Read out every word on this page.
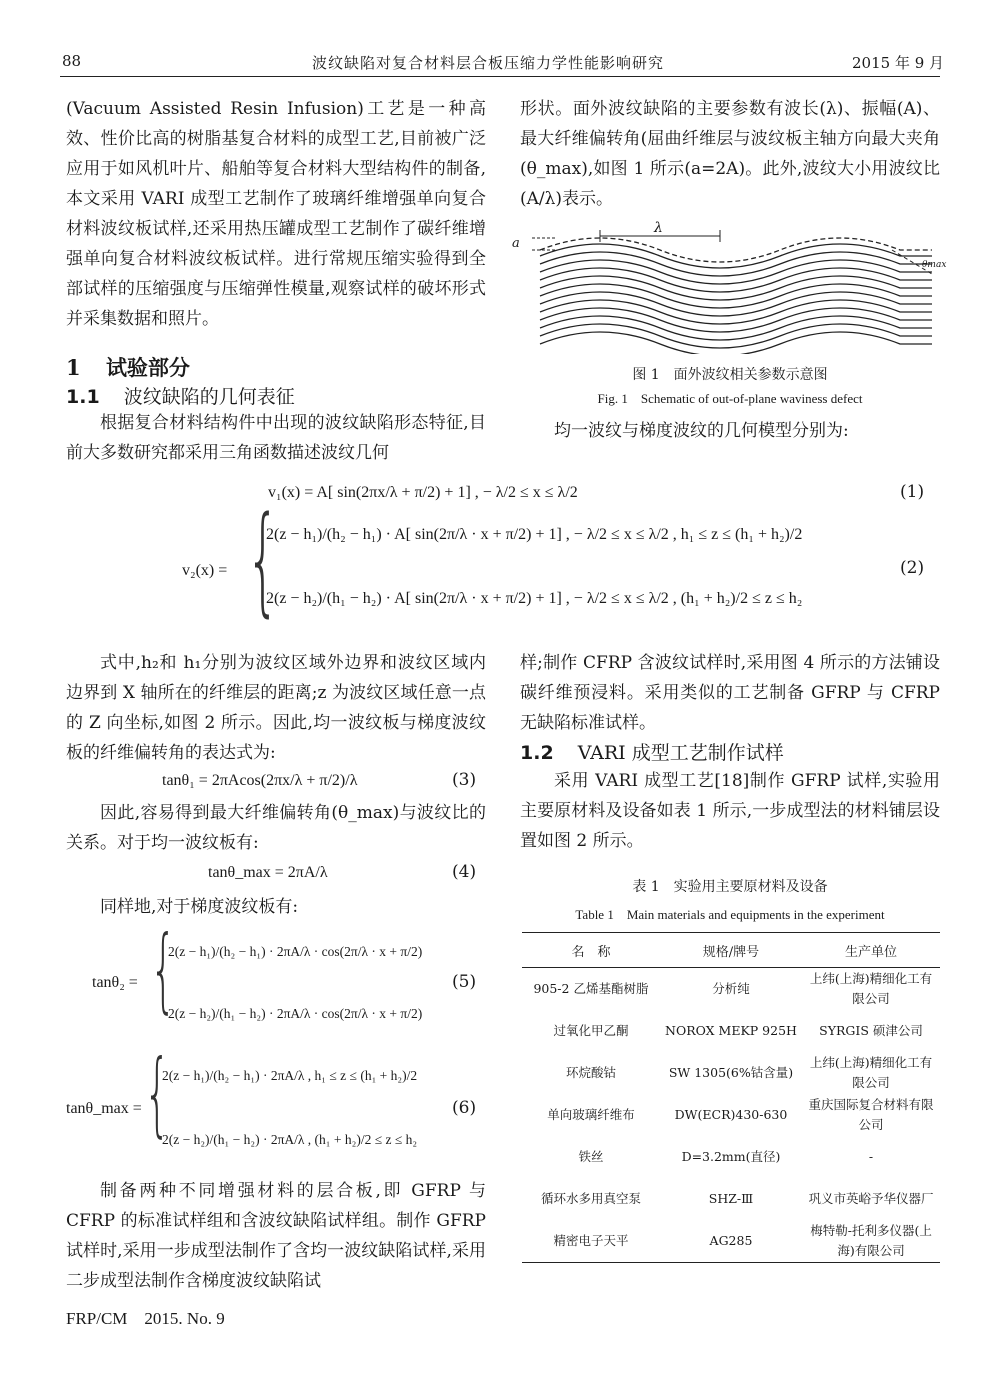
88	波纹缺陷对复合材料层合板压缩力学性能影响研究	2015 年 9 月

(Vacuum Assisted Resin Infusion)工艺是一种高效、性价比高的树脂基复合材料的成型工艺,目前被广泛应用于如风机叶片、船舶等复合材料大型结构件的制备,本文采用 VARI 成型工艺制作了玻璃纤维增强单向复合材料波纹板试样,还采用热压罐成型工艺制作了碳纤维增强单向复合材料波纹板试样。进行常规压缩实验得到全部试样的压缩强度与压缩弹性模量,观察试样的破坏形式并采集数据和照片。

1 试验部分
1.1 波纹缺陷的几何表征

根据复合材料结构件中出现的波纹缺陷形态特征,目前大多数研究都采用三角函数描述波纹几何

形状。面外波纹缺陷的主要参数有波长(λ)、振幅(A)、最大纤维偏转角(屈曲纤维层与波纹板主轴方向最大夹角(θ_max),如图 1 所示(a=2A)。此外,波纹大小用波纹比(A/λ)表示。

λ
a
θmax
图 1　面外波纹相关参数示意图
Fig. 1　Schematic of out-of-plane waviness defect

均一波纹与梯度波纹的几何模型分别为:

v₁(x) = A[ sin(2πx/λ + π/2) + 1] , − λ/2 ≤ x ≤ λ/2	(1)
v₂(x) = {
2(z − h₁)/(h₂ − h₁) · A[ sin(2π/λ · x + π/2) + 1] , − λ/2 ≤ x ≤ λ/2 , h₁ ≤ z ≤ (h₁ + h₂)/2
2(z − h₂)/(h₁ − h₂) · A[ sin(2π/λ · x + π/2) + 1] , − λ/2 ≤ x ≤ λ/2 , (h₁ + h₂)/2 ≤ z ≤ h₂
(2)

式中,h₂和 h₁分别为波纹区域外边界和波纹区域内边界到 X 轴所在的纤维层的距离;z 为波纹区域任意一点的 Z 向坐标,如图 2 所示。因此,均一波纹板与梯度波纹板的纤维偏转角的表达式为:

tanθ₁ = 2πAcos(2πx/λ + π/2)/λ	(3)

因此,容易得到最大纤维偏转角(θ_max)与波纹比的关系。对于均一波纹板有:

tanθ_max = 2πA/λ	(4)

同样地,对于梯度波纹板有:

tanθ₂ = {
2(z − h₁)/(h₂ − h₁) · 2πA/λ · cos(2π/λ · x + π/2)
2(z − h₂)/(h₁ − h₂) · 2πA/λ · cos(2π/λ · x + π/2)
(5)
tanθ_max = {
2(z − h₁)/(h₂ − h₁) · 2πA/λ , h₁ ≤ z ≤ (h₁ + h₂)/2
2(z − h₂)/(h₁ − h₂) · 2πA/λ , (h₁ + h₂)/2 ≤ z ≤ h₂
(6)

制备两种不同增强材料的层合板,即 GFRP 与 CFRP 的标准试样组和含波纹缺陷试样组。制作 GFRP 试样时,采用一步成型法制作了含均一波纹缺陷试样,采用二步成型法制作含梯度波纹缺陷试

样;制作 CFRP 含波纹试样时,采用图 4 所示的方法铺设碳纤维预浸料。采用类似的工艺制备 GFRP 与 CFRP 无缺陷标准试样。

1.2 VARI 成型工艺制作试样

采用 VARI 成型工艺[18]制作 GFRP 试样,实验用主要原材料及设备如表 1 所示,一步成型法的材料铺层设置如图 2 所示。

表 1　实验用主要原材料及设备
Table 1　Main materials and equipments in the experiment
名　称	规格/牌号	生产单位
905-2 乙烯基酯树脂	分析纯	上纬(上海)精细化工有限公司
过氧化甲乙酮	NOROX MEKP 925H	SYRGIS 硕津公司
环烷酸钴	SW 1305(6%钴含量)	上纬(上海)精细化工有限公司
单向玻璃纤维布	DW(ECR)430-630	重庆国际复合材料有限公司
铁丝	D=3.2mm(直径)	-
循环水多用真空泵	SHZ-Ⅲ	巩义市英峪予华仪器厂
精密电子天平	AG285	梅特勒-托利多仪器(上海)有限公司
FRP/CM　2015. No. 9
